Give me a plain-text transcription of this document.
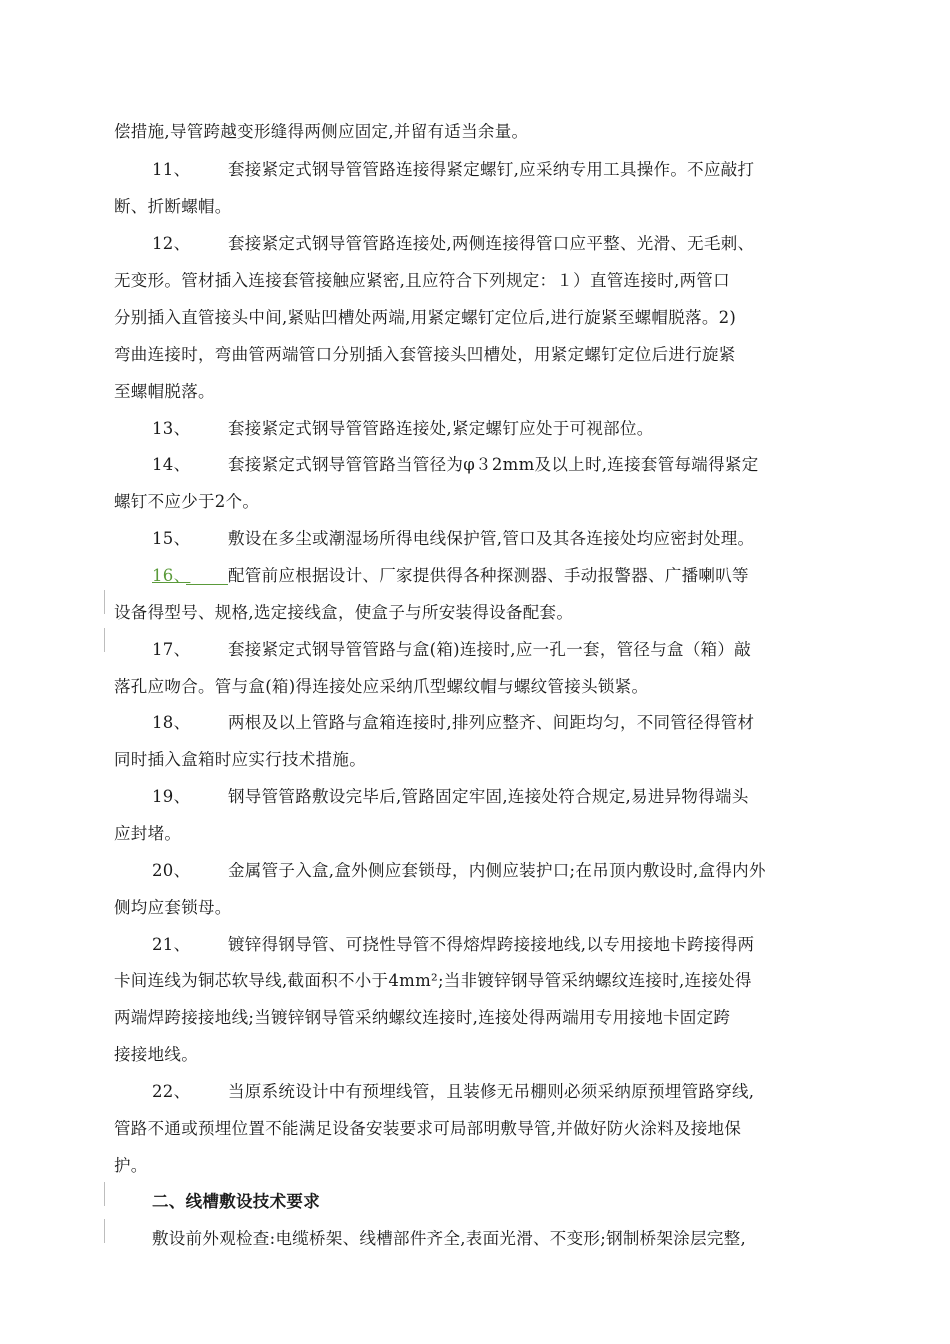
偿措施,导管跨越变形缝得两侧应固定,并留有适当余量。
11、 套接紧定式钢导管管路连接得紧定螺钉,应采纳专用工具操作。不应敲打
断、折断螺帽。
12、 套接紧定式钢导管管路连接处,两侧连接得管口应平整、光滑、无毛刺、
无变形。管材插入连接套管接触应紧密,且应符合下列规定：１）直管连接时,两管口
分别插入直管接头中间,紧贴凹槽处两端,用紧定螺钉定位后,进行旋紧至螺帽脱落。2)
弯曲连接时，弯曲管两端管口分别插入套管接头凹槽处，用紧定螺钉定位后进行旋紧
至螺帽脱落。
13、 套接紧定式钢导管管路连接处,紧定螺钉应处于可视部位。
14、 套接紧定式钢导管管路当管径为φ３2mm及以上时,连接套管每端得紧定
螺钉不应少于2个。
15、 敷设在多尘或潮湿场所得电线保护管,管口及其各连接处均应密封处理。
16、 配管前应根据设计、厂家提供得各种探测器、手动报警器、广播喇叭等
设备得型号、规格,选定接线盒，使盒子与所安装得设备配套。
17、 套接紧定式钢导管管路与盒(箱)连接时,应一孔一套，管径与盒（箱）敲
落孔应吻合。管与盒(箱)得连接处应采纳爪型螺纹帽与螺纹管接头锁紧。
18、 两根及以上管路与盒箱连接时,排列应整齐、间距均匀，不同管径得管材
同时插入盒箱时应实行技术措施。
19、 钢导管管路敷设完毕后,管路固定牢固,连接处符合规定,易进异物得端头
应封堵。
20、 金属管子入盒,盒外侧应套锁母，内侧应装护口;在吊顶内敷设时,盒得内外
侧均应套锁母。
21、 镀锌得钢导管、可挠性导管不得熔焊跨接接地线,以专用接地卡跨接得两
卡间连线为铜芯软导线,截面积不小于4mm²;当非镀锌钢导管采纳螺纹连接时,连接处得
两端焊跨接接地线;当镀锌钢导管采纳螺纹连接时,连接处得两端用专用接地卡固定跨
接接地线。
22、 当原系统设计中有预埋线管，且装修无吊棚则必须采纳原预埋管路穿线,
管路不通或预埋位置不能满足设备安装要求可局部明敷导管,并做好防火涂料及接地保
护。
二、线槽敷设技术要求
敷设前外观检查:电缆桥架、线槽部件齐全,表面光滑、不变形;钢制桥架涂层完整,
